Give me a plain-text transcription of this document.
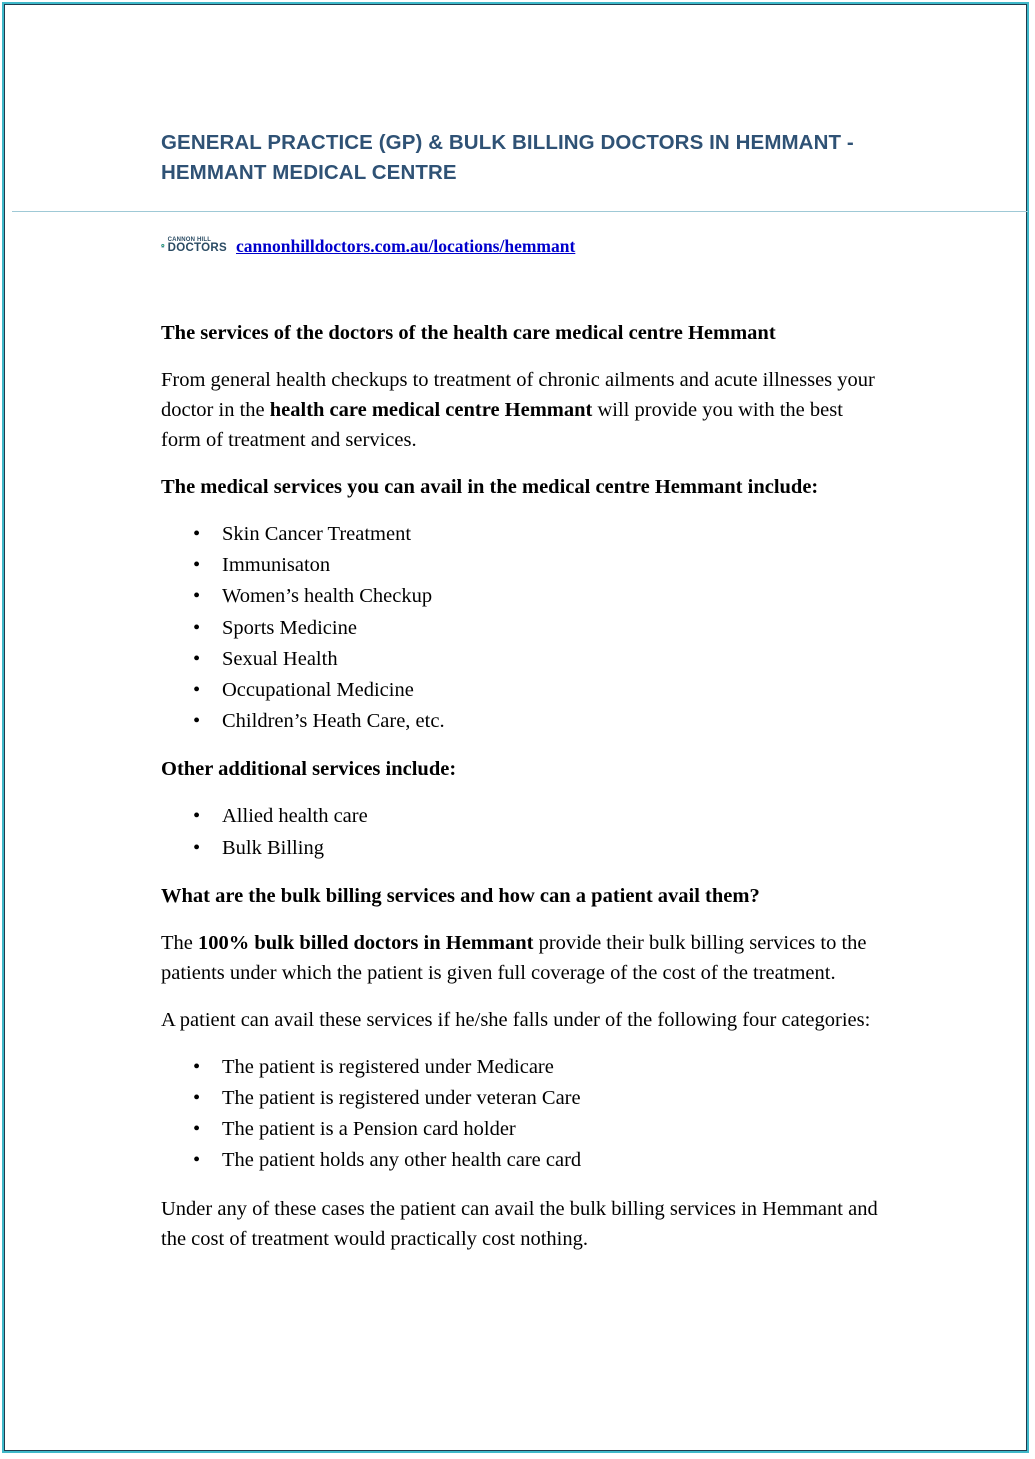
GENERAL PRACTICE (GP) & BULK BILLING DOCTORS IN HEMMANT - HEMMANT MEDICAL CENTRE
CANNON HILL
DOCTORS cannonhilldoctors.com.au/locations/hemmant

The services of the doctors of the health care medical centre Hemmant

From general health checkups to treatment of chronic ailments and acute illnesses your doctor in the health care medical centre Hemmant will provide you with the best form of treatment and services.

The medical services you can avail in the medical centre Hemmant include:

• Skin Cancer Treatment
• Immunisaton
• Women’s health Checkup
• Sports Medicine
• Sexual Health
• Occupational Medicine
• Children’s Heath Care, etc.

Other additional services include:

• Allied health care
• Bulk Billing

What are the bulk billing services and how can a patient avail them?

The 100% bulk billed doctors in Hemmant provide their bulk billing services to the patients under which the patient is given full coverage of the cost of the treatment.

A patient can avail these services if he/she falls under of the following four categories:

• The patient is registered under Medicare
• The patient is registered under veteran Care
• The patient is a Pension card holder
• The patient holds any other health care card

Under any of these cases the patient can avail the bulk billing services in Hemmant and the cost of treatment would practically cost nothing.
